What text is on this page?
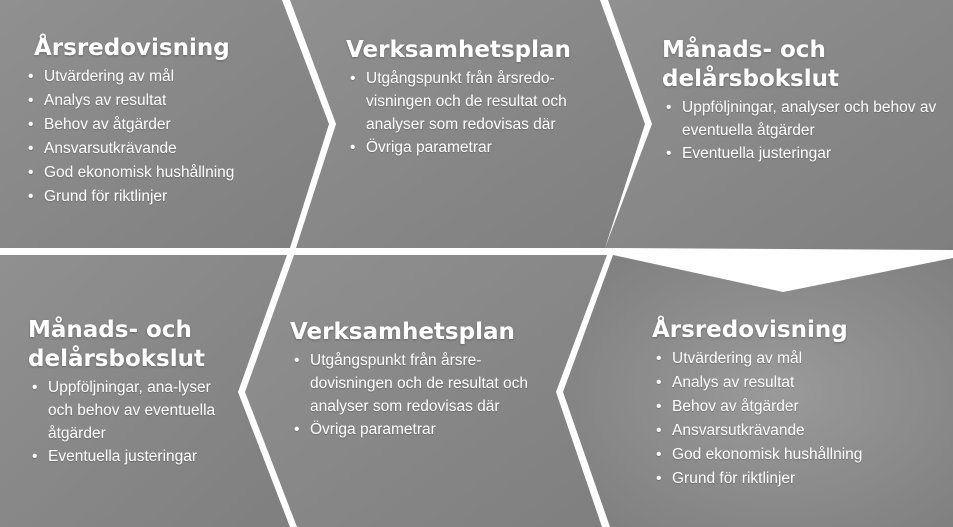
Årsredovisning
• Utvärdering av mål
• Analys av resultat
• Behov av åtgärder
• Ansvarsutkrävande
• God ekonomisk hushållning
• Grund för riktlinjer
Verksamhetsplan
• Utgångspunkt från årsredo-visningen och de resultat och analyser som redovisas där
• Övriga parametrar
Månads- och delårsbokslut
• Uppföljningar, analyser och behov av eventuella åtgärder
• Eventuella justeringar
Månads- och delårsbokslut
• Uppföljningar, ana-lyser och behov av eventuella åtgärder
• Eventuella justeringar
Verksamhetsplan
• Utgångspunkt från årsre-dovisningen och de resultat och analyser som redovisas där
• Övriga parametrar
Årsredovisning
• Utvärdering av mål
• Analys av resultat
• Behov av åtgärder
• Ansvarsutkrävande
• God ekonomisk hushållning
• Grund för riktlinjer
